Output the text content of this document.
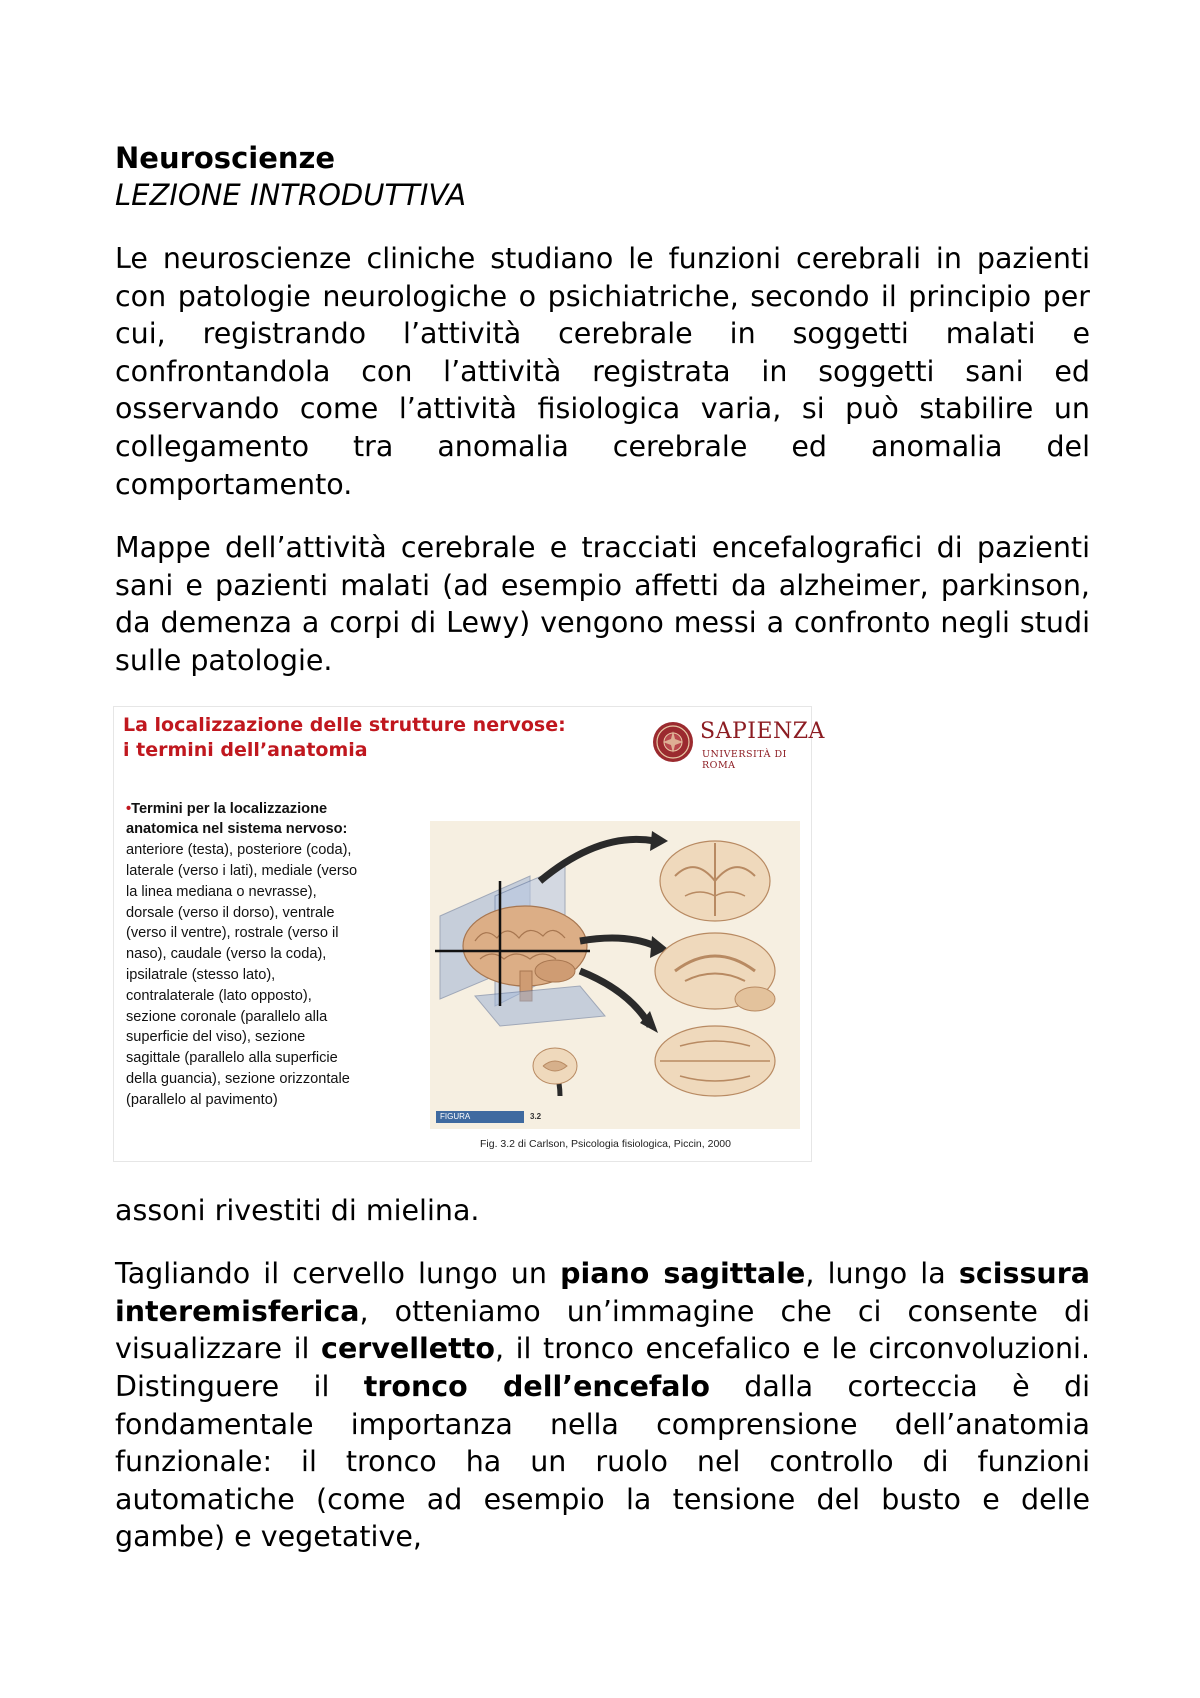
Neuroscienze
LEZIONE INTRODUTTIVA

Le neuroscienze cliniche studiano le funzioni cerebrali in pazienti con patologie neurologiche o psichiatriche, secondo il principio per cui, registrando l’attività cerebrale in soggetti malati e confrontandola con l’attività registrata in soggetti sani ed osservando come l’attività fisiologica varia, si può stabilire un collegamento tra anomalia cerebrale ed anomalia del comportamento.

Mappe dell’attività cerebrale e tracciati encefalografici di pazienti sani e pazienti malati (ad esempio affetti da alzheimer, parkinson, da demenza a corpi di Lewy) vengono messi a confronto negli studi sulle patologie.

La localizzazione delle strutture nervose:
i termini dell’anatomia
SAPIENZA
UNIVERSITÀ DI ROMA
•Termini per la localizzazione
anatomica nel sistema nervoso:
anteriore (testa), posteriore (coda),
laterale (verso i lati), mediale (verso
la linea mediana o nevrasse),
dorsale (verso il dorso), ventrale
(verso il ventre), rostrale (verso il
naso), caudale (verso la coda),
ipsilatrale (stesso lato),
contralaterale (lato opposto),
sezione coronale (parallelo alla
superficie del viso), sezione
sagittale (parallelo alla superficie
della guancia), sezione orizzontale
(parallelo al pavimento)
FIGURA	3.2
Fig. 3.2 di Carlson, Psicologia fisiologica, Piccin, 2000

assoni rivestiti di mielina.

Tagliando il cervello lungo un piano sagittale, lungo la scissura interemisferica, otteniamo un’immagine che ci consente di visualizzare il cervelletto, il tronco encefalico e le circonvoluzioni. Distinguere il tronco dell’encefalo dalla corteccia è di fondamentale importanza nella comprensione dell’anatomia funzionale: il tronco ha un ruolo nel controllo di funzioni automatiche (come ad esempio la tensione del busto e delle gambe) e vegetative,
